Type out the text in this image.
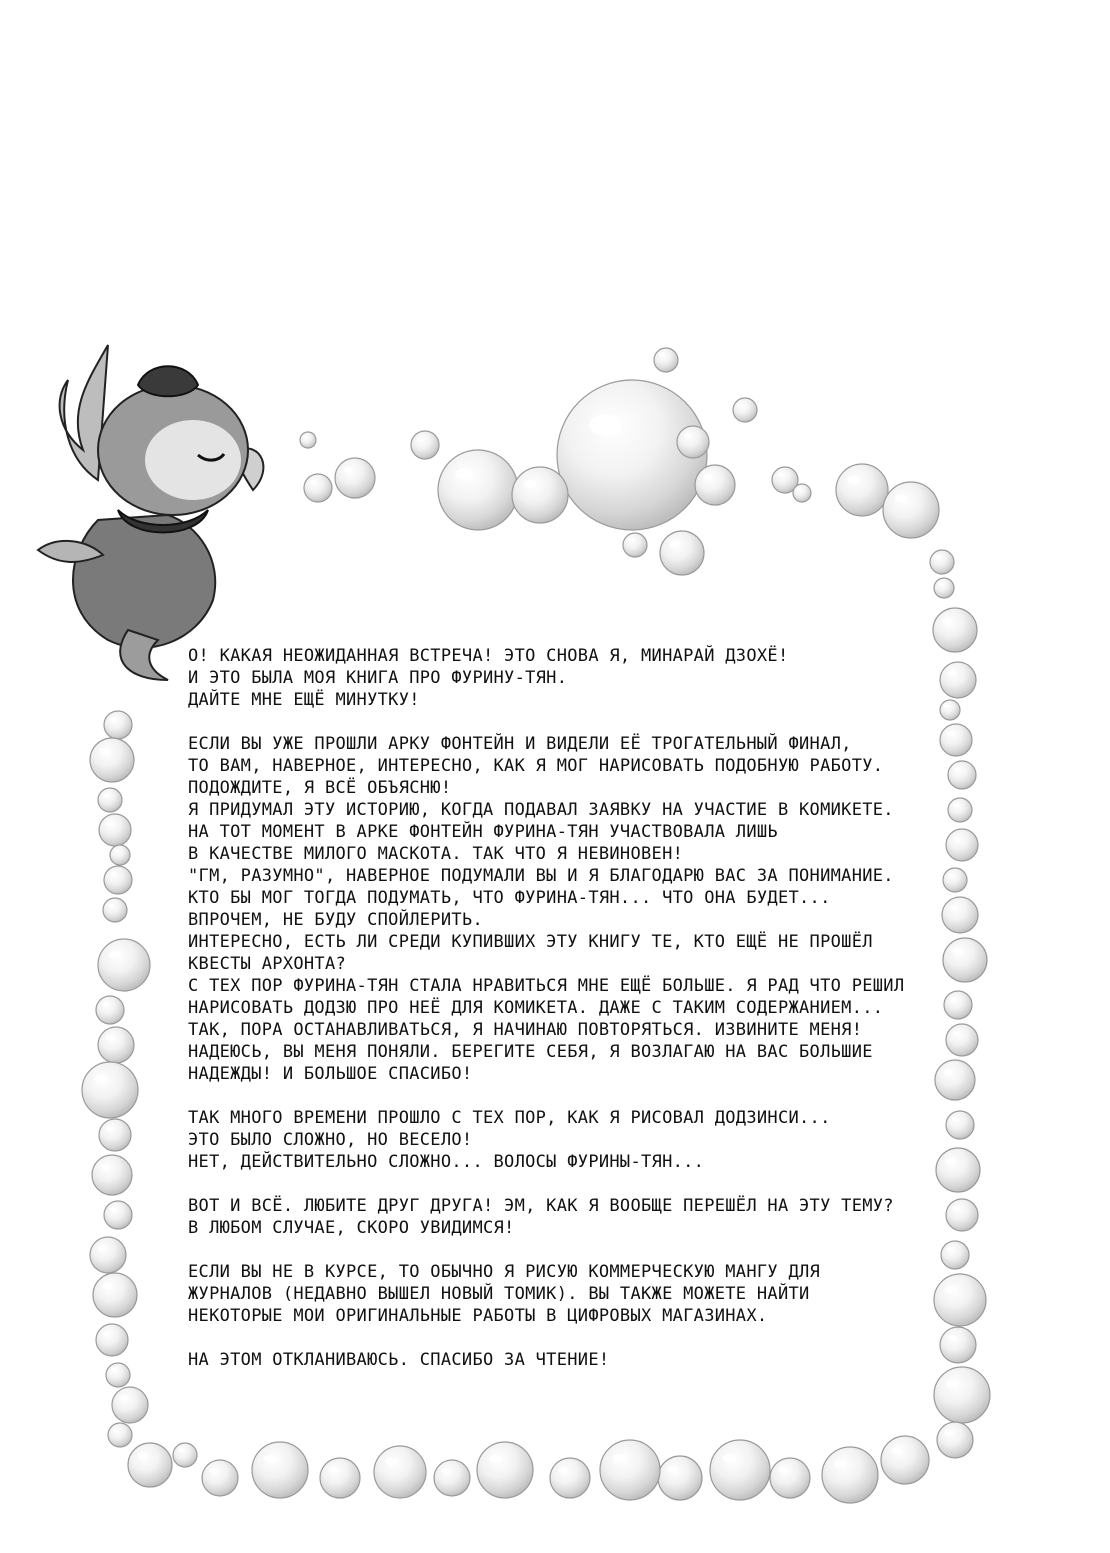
О! КАКАЯ НЕОЖИДАННАЯ ВСТРЕЧА! ЭТО СНОВА Я, МИНАРАЙ ДЗОХЁ!
И ЭТО БЫЛА МОЯ КНИГА ПРО ФУРИНУ-ТЯН.
ДАЙТЕ МНЕ ЕЩЁ МИНУТКУ!
ЕСЛИ ВЫ УЖЕ ПРОШЛИ АРКУ ФОНТЕЙН И ВИДЕЛИ ЕЁ ТРОГАТЕЛЬНЫЙ ФИНАЛ,
ТО ВАМ, НАВЕРНОЕ, ИНТЕРЕСНО, КАК Я МОГ НАРИСОВАТЬ ПОДОБНУЮ РАБОТУ.
ПОДОЖДИТЕ, Я ВСЁ ОБЪЯСНЮ!
Я ПРИДУМАЛ ЭТУ ИСТОРИЮ, КОГДА ПОДАВАЛ ЗАЯВКУ НА УЧАСТИЕ В КОМИКЕТЕ.
НА ТОТ МОМЕНТ В АРКЕ ФОНТЕЙН ФУРИНА-ТЯН УЧАСТВОВАЛА ЛИШЬ
В КАЧЕСТВЕ МИЛОГО МАСКОТА. ТАК ЧТО Я НЕВИНОВЕН!
"ГМ, РАЗУМНО", НАВЕРНОЕ ПОДУМАЛИ ВЫ И Я БЛАГОДАРЮ ВАС ЗА ПОНИМАНИЕ.
КТО БЫ МОГ ТОГДА ПОДУМАТЬ, ЧТО ФУРИНА-ТЯН... ЧТО ОНА БУДЕТ...
ВПРОЧЕМ, НЕ БУДУ СПОЙЛЕРИТЬ.
ИНТЕРЕСНО, ЕСТЬ ЛИ СРЕДИ КУПИВШИХ ЭТУ КНИГУ ТЕ, КТО ЕЩЁ НЕ ПРОШЁЛ
КВЕСТЫ АРХОНТА?
С ТЕХ ПОР ФУРИНА-ТЯН СТАЛА НРАВИТЬСЯ МНЕ ЕЩЁ БОЛЬШЕ. Я РАД ЧТО РЕШИЛ
НАРИСОВАТЬ ДОДЗЮ ПРО НЕЁ ДЛЯ КОМИКЕТА. ДАЖЕ С ТАКИМ СОДЕРЖАНИЕМ...
ТАК, ПОРА ОСТАНАВЛИВАТЬСЯ, Я НАЧИНАЮ ПОВТОРЯТЬСЯ. ИЗВИНИТЕ МЕНЯ!
НАДЕЮСЬ, ВЫ МЕНЯ ПОНЯЛИ. БЕРЕГИТЕ СЕБЯ, Я ВОЗЛАГАЮ НА ВАС БОЛЬШИЕ
НАДЕЖДЫ! И БОЛЬШОЕ СПАСИБО!
ТАК МНОГО ВРЕМЕНИ ПРОШЛО С ТЕХ ПОР, КАК Я РИСОВАЛ ДОДЗИНСИ...
ЭТО БЫЛО СЛОЖНО, НО ВЕСЕЛО!
НЕТ, ДЕЙСТВИТЕЛЬНО СЛОЖНО... ВОЛОСЫ ФУРИНЫ-ТЯН...
ВОТ И ВСЁ. ЛЮБИТЕ ДРУГ ДРУГА! ЭМ, КАК Я ВООБЩЕ ПЕРЕШЁЛ НА ЭТУ ТЕМУ?
В ЛЮБОМ СЛУЧАЕ, СКОРО УВИДИМСЯ!
ЕСЛИ ВЫ НЕ В КУРСЕ, ТО ОБЫЧНО Я РИСУЮ КОММЕРЧЕСКУЮ МАНГУ ДЛЯ
ЖУРНАЛОВ (НЕДАВНО ВЫШЕЛ НОВЫЙ ТОМИК). ВЫ ТАКЖЕ МОЖЕТЕ НАЙТИ
НЕКОТОРЫЕ МОИ ОРИГИНАЛЬНЫЕ РАБОТЫ В ЦИФРОВЫХ МАГАЗИНАХ.
НА ЭТОМ ОТКЛАНИВАЮСЬ. СПАСИБО ЗА ЧТЕНИЕ!
